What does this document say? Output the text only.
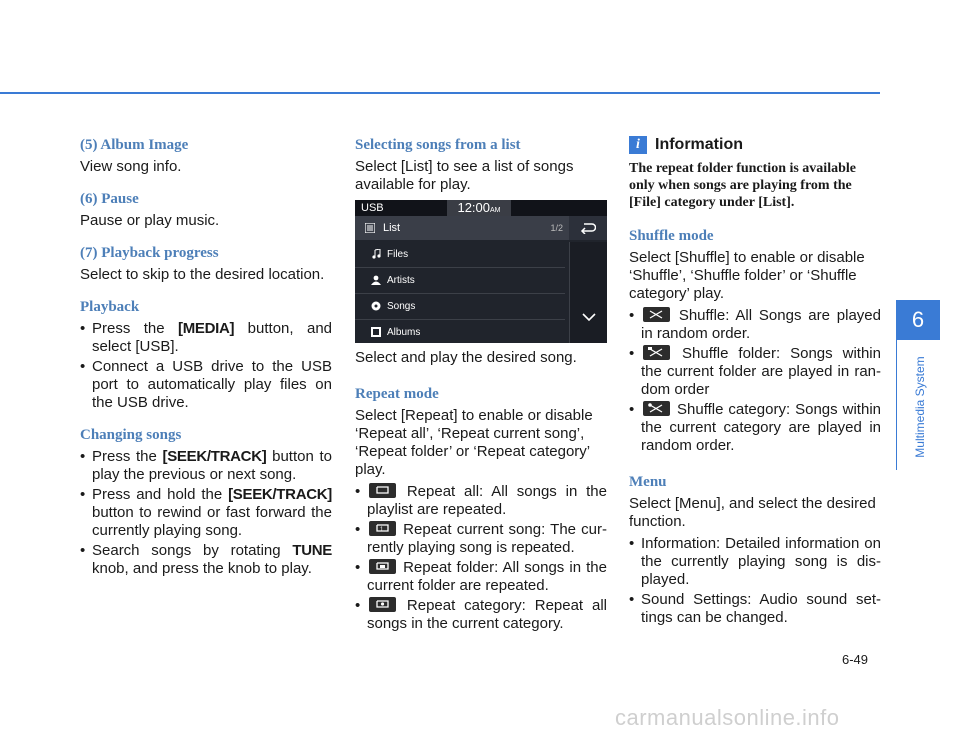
(5) Album Image

View song info.

(6) Pause

Pause or play music.

(7) Playback progress

Select to skip to the desired location.

Playback
• Press the [MEDIA] button, and select [USB].
• Connect a USB drive to the USB port to automatically play files on the USB drive.
Changing songs
• Press the [SEEK/TRACK] button to play the previous or next song.
• Press and hold the [SEEK/TRACK] button to rewind or fast forward the currently playing song.
• Search songs by rotating TUNE knob, and press the knob to play.
Selecting songs from a list

Select [List] to see a list of songs available for play.

USB	12:00AM
List	1/2
Files
Artists
Songs
Albums

Select and play the desired song.

Repeat mode

Select [Repeat] to enable or disable ‘Repeat all’, ‘Repeat current song’, ‘Repeat folder’ or ‘Repeat category’ play.

• Repeat all: All songs in the playlist are repeated.
• 1 Repeat current song: The cur-rently playing song is repeated.
• Repeat folder: All songs in the current folder are repeated.
• Repeat category: Repeat all songs in the current category.
i Information

The repeat folder function is available only when songs are playing from the [File] category under [List].

Shuffle mode

Select [Shuffle] to enable or disable ‘Shuffle’, ‘Shuffle folder’ or ‘Shuffle category’ play.

• Shuffle: All Songs are played in random order.
• Shuffle folder: Songs within the current folder are played in ran-dom order
• Shuffle category: Songs within the current category are played in random order.
Menu

Select [Menu], and select the desired function.

• Information: Detailed information on the currently playing song is dis-played.
• Sound Settings: Audio sound set-tings can be changed.
6
Multimedia System
6-49
carmanualsonline.info
